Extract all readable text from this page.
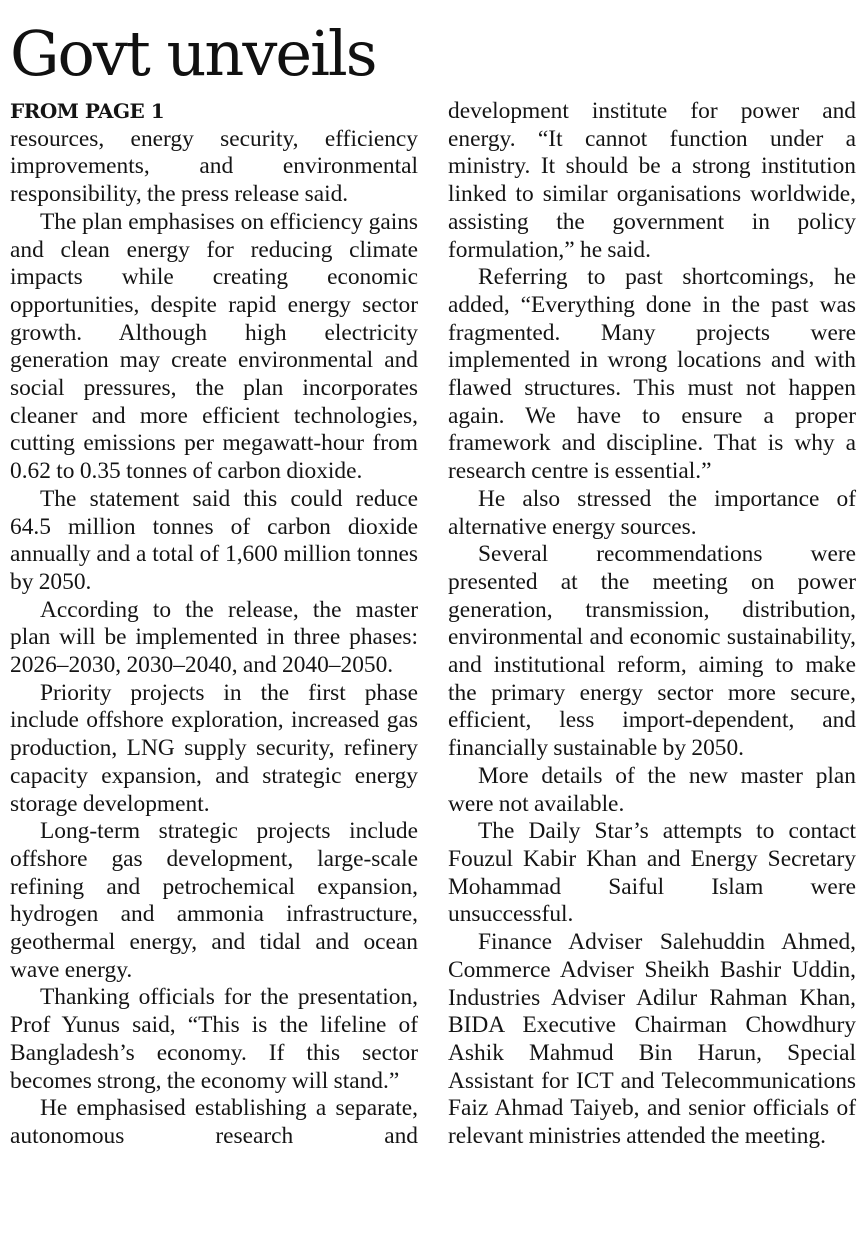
Govt unveils
FROM PAGE 1

resources, energy security, efficiency improvements, and environmental responsibility, the press release said.

The plan emphasises on efficiency gains and clean energy for reducing climate impacts while creating economic opportunities, despite rapid energy sector growth. Although high electricity generation may create environmental and social pressures, the plan incorporates cleaner and more efficient technologies, cutting emissions per megawatt-hour from 0.62 to 0.35 tonnes of carbon dioxide.

The statement said this could reduce 64.5 million tonnes of carbon dioxide annually and a total of 1,600 million tonnes by 2050.

According to the release, the master plan will be implemented in three phases: 2026–2030, 2030–2040, and 2040–2050.

Priority projects in the first phase include offshore exploration, increased gas production, LNG supply security, refinery capacity expansion, and strategic energy storage development.

Long-term strategic projects include offshore gas development, large-scale refining and petrochemical expansion, hydrogen and ammonia infrastructure, geothermal energy, and tidal and ocean wave energy.

Thanking officials for the presentation, Prof Yunus said, “This is the lifeline of Bangladesh’s economy. If this sector becomes strong, the economy will stand.”

He emphasised establishing a separate, autonomous research and

development institute for power and energy. “It cannot function under a ministry. It should be a strong institution linked to similar organisations worldwide, assisting the government in policy formulation,” he said.

Referring to past shortcomings, he added, “Everything done in the past was fragmented. Many projects were implemented in wrong locations and with flawed structures. This must not happen again. We have to ensure a proper framework and discipline. That is why a research centre is essential.”

He also stressed the importance of alternative energy sources.

Several recommendations were presented at the meeting on power generation, transmission, distribution, environmental and economic sustainability, and institutional reform, aiming to make the primary energy sector more secure, efficient, less import-dependent, and financially sustainable by 2050.

More details of the new master plan were not available.

The Daily Star’s attempts to contact Fouzul Kabir Khan and Energy Secretary Mohammad Saiful Islam were unsuccessful.

Finance Adviser Salehuddin Ahmed, Commerce Adviser Sheikh Bashir Uddin, Industries Adviser Adilur Rahman Khan, BIDA Executive Chairman Chowdhury Ashik Mahmud Bin Harun, Special Assistant for ICT and Telecommunications Faiz Ahmad Taiyeb, and senior officials of relevant ministries attended the meeting.
